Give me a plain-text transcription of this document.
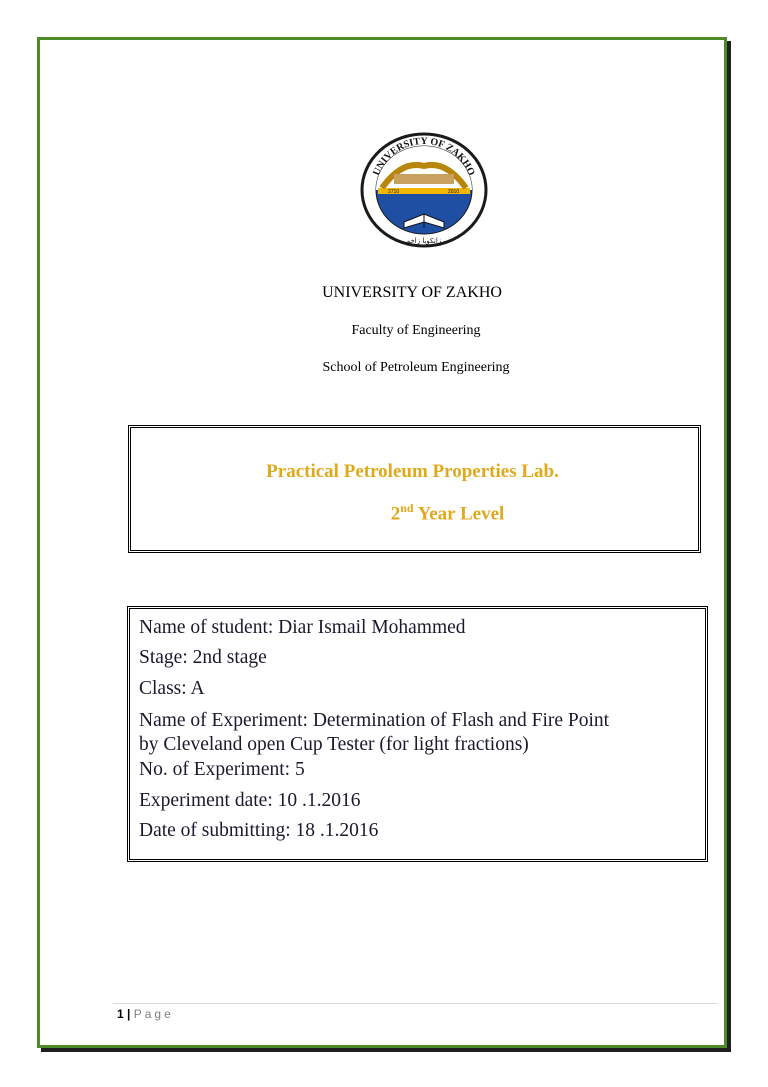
UNIVERSITY OF ZAKHO
2710	2010
زانكويا زاخو
UNIVERSITY OF ZAKHO
Faculty of Engineering
School of Petroleum Engineering
Practical Petroleum Properties Lab.
2nd Year Level
Name of student: Diar Ismail Mohammed
Stage: 2nd stage
Class: A
Name of Experiment: Determination of Flash and Fire Point
by Cleveland open Cup Tester (for light fractions)
No. of Experiment: 5
Experiment date: 10 .1.2016
Date of submitting: 18 .1.2016
1 | Page
